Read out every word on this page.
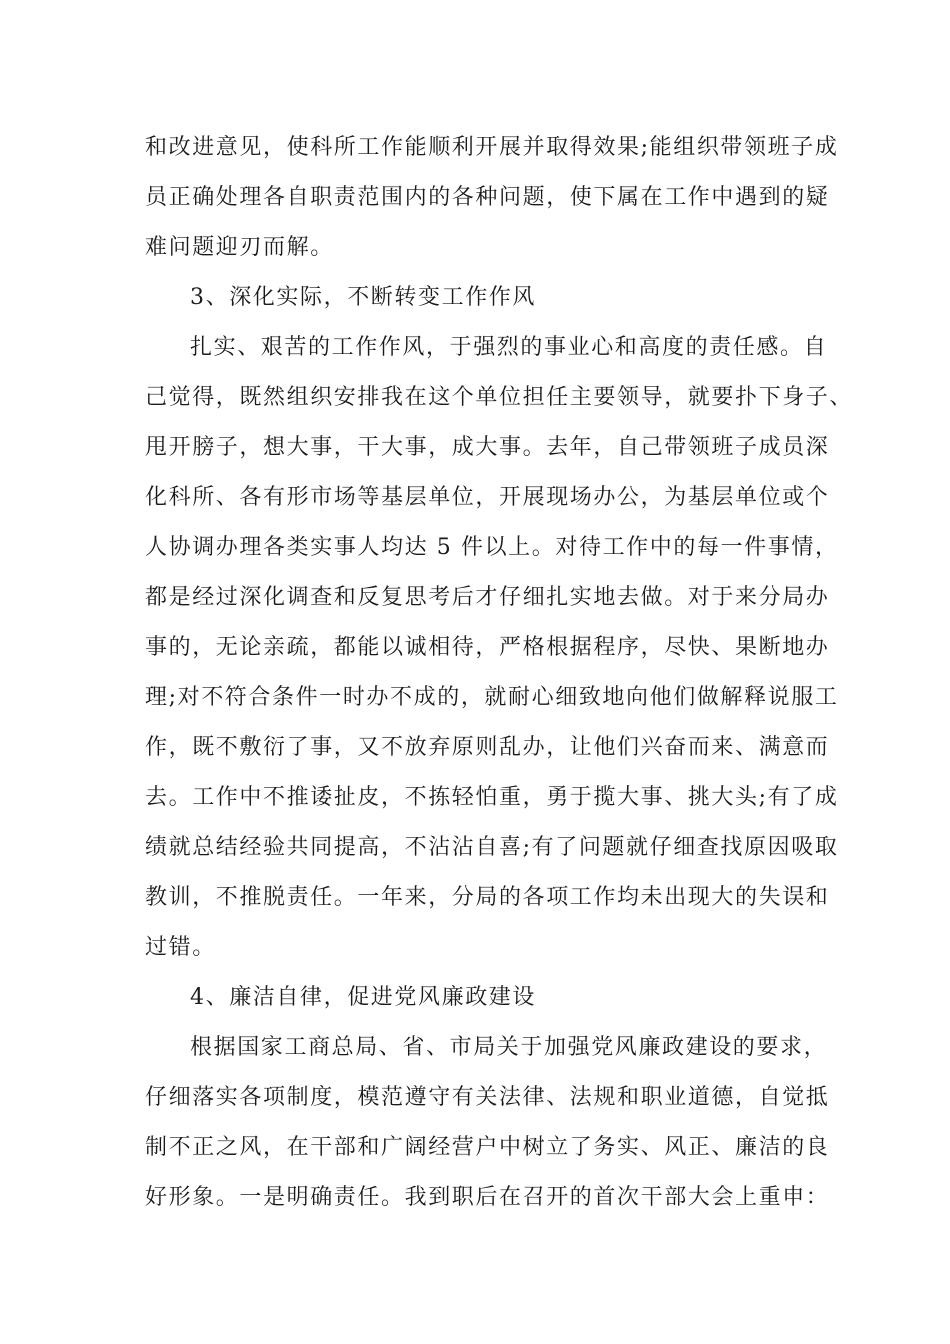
和改进意见，使科所工作能顺利开展并取得效果;能组织带领班子成
员正确处理各自职责范围内的各种问题，使下属在工作中遇到的疑
难问题迎刃而解。
3、深化实际，不断转变工作作风
扎实、艰苦的工作作风，于强烈的事业心和高度的责任感。自
己觉得，既然组织安排我在这个单位担任主要领导，就要扑下身子、
甩开膀子，想大事，干大事，成大事。去年，自己带领班子成员深
化科所、各有形市场等基层单位，开展现场办公，为基层单位或个
人协调办理各类实事人均达 5 件以上。对待工作中的每一件事情，
都是经过深化调查和反复思考后才仔细扎实地去做。对于来分局办
事的，无论亲疏，都能以诚相待，严格根据程序，尽快、果断地办
理;对不符合条件一时办不成的，就耐心细致地向他们做解释说服工
作，既不敷衍了事，又不放弃原则乱办，让他们兴奋而来、满意而
去。工作中不推诿扯皮，不拣轻怕重，勇于揽大事、挑大头;有了成
绩就总结经验共同提高，不沾沾自喜;有了问题就仔细查找原因吸取
教训，不推脱责任。一年来，分局的各项工作均未出现大的失误和
过错。
4、廉洁自律，促进党风廉政建设
根据国家工商总局、省、市局关于加强党风廉政建设的要求，
仔细落实各项制度，模范遵守有关法律、法规和职业道德，自觉抵
制不正之风，在干部和广阔经营户中树立了务实、风正、廉洁的良
好形象。一是明确责任。我到职后在召开的首次干部大会上重申：
